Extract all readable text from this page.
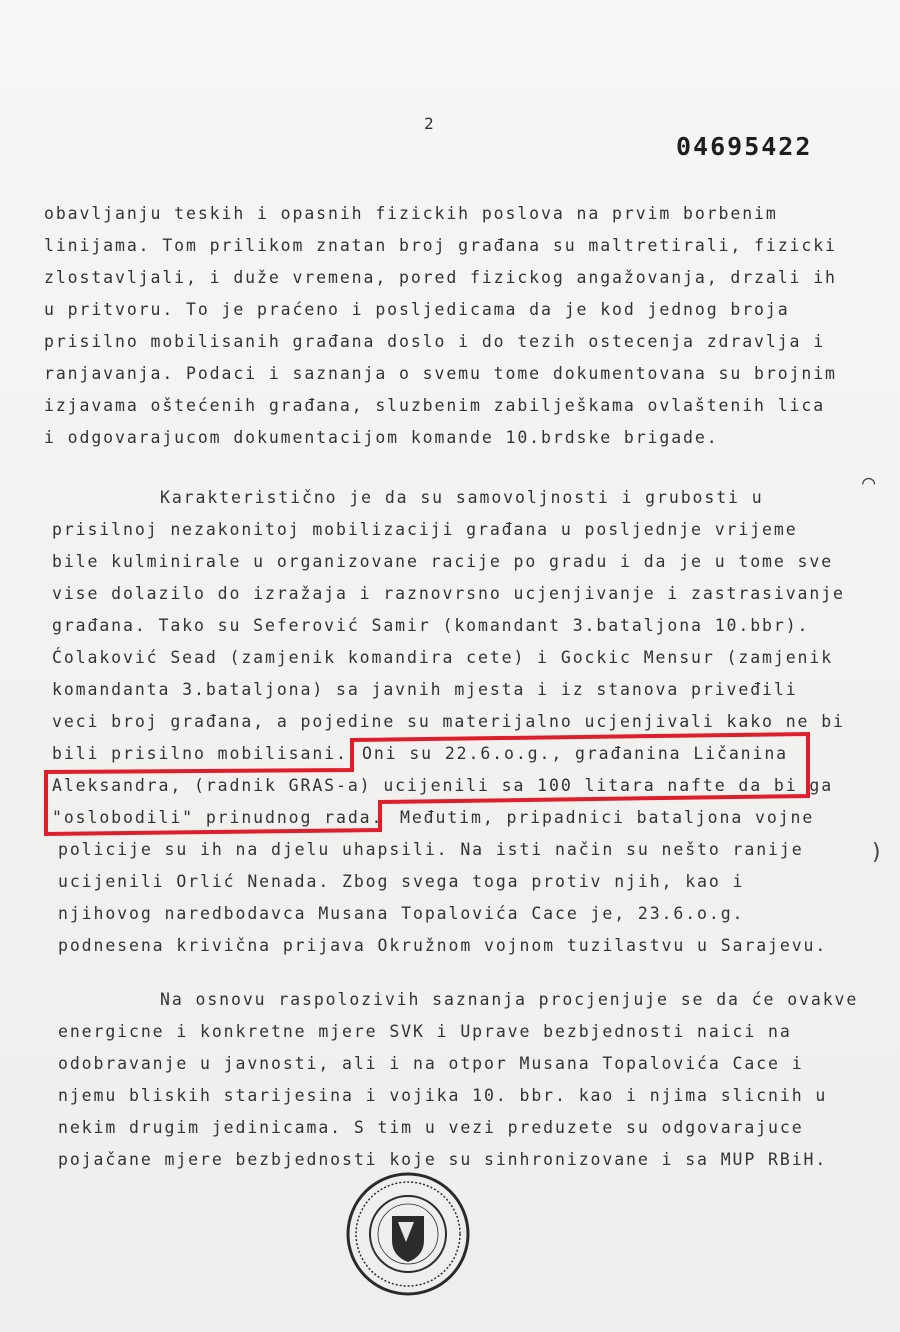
2
04695422
obavljanju teskih i opasnih fizickih poslova na prvim borbenim
linijama. Tom prilikom znatan broj građana su maltretirali, fizicki
zlostavljali, i duže vremena, pored fizickog angažovanja, drzali ih
u pritvoru. To je praćeno i posljedicama da je kod jednog broja
prisilno mobilisanih građana doslo i do tezih ostecenja zdravlja i
ranjavanja. Podaci i saznanja o svemu tome dokumentovana su brojnim
izjavama oštećenih građana, sluzbenim zabilješkama ovlaštenih lica
i odgovarajucom dokumentacijom komande 10.brdske brigade.
Karakteristično je da su samovoljnosti i grubosti u
prisilnoj nezakonitoj mobilizaciji građana u posljednje vrijeme
bile kulminirale u organizovane racije po gradu i da je u tome sve
vise dolazilo do izražaja i raznovrsno ucjenjivanje i zastrasivanje
građana. Tako su Seferović Samir (komandant 3.bataljona 10.bbr).
Ćolaković Sead (zamjenik komandira cete) i Gockic Mensur (zamjenik
komandanta 3.bataljona) sa javnih mjesta i iz stanova priveđili
veci broj građana, a pojedine su materijalno ucjenjivali kako ne bi
bili prisilno mobilisani. Oni su 22.6.o.g., građanina Ličanina
Aleksandra, (radnik GRAS-a) ucijenili sa 100 litara nafte da bi ga
"oslobodili" prinudnog rada. Međutim, pripadnici bataljona vojne
policije su ih na djelu uhapsili. Na isti način su nešto ranije
ucijenili Orlić Nenada. Zbog svega toga protiv njih, kao i
njihovog naredbodavca Musana Topalovića Cace je, 23.6.o.g.
podnesena krivična prijava Okružnom vojnom tuzilastvu u Sarajevu.
Na osnovu raspolozivih saznanja procjenjuje se da će ovakve
energicne i konkretne mjere SVK i Uprave bezbjednosti naici na
odobravanje u javnosti, ali i na otpor Musana Topalovića Cace i
njemu bliskih starijesina i vojika 10. bbr. kao i njima slicnih u
nekim drugim jedinicama. S tim u vezi preduzete su odgovarajuce
pojačane mjere bezbjednosti koje su sinhronizovane i sa MUP RBiH.
⌒
)
